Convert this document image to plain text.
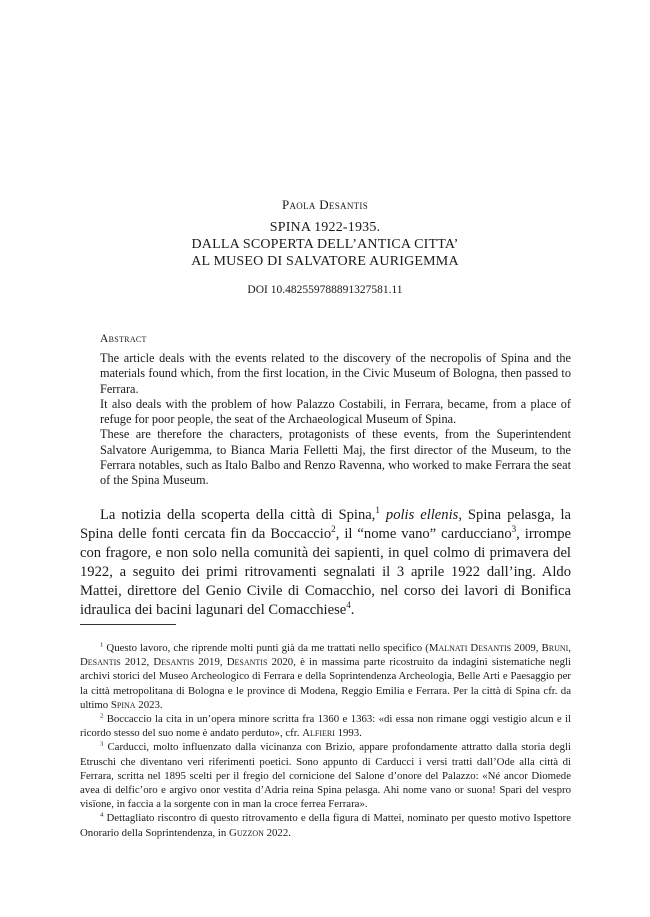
Paola Desantis
SPINA 1922-1935.
DALLA SCOPERTA DELL’ANTICA CITTA’
AL MUSEO DI SALVATORE AURIGEMMA
DOI 10.482559788891327581.11
Abstract

The article deals with the events related to the discovery of the necropolis of Spina and the materials found which, from the first location, in the Civic Museum of Bologna, then passed to Ferrara.

It also deals with the problem of how Palazzo Costabili, in Ferrara, became, from a place of refuge for poor people, the seat of the Archaeological Museum of Spina.

These are therefore the characters, protagonists of these events, from the Superintendent Salvatore Aurigemma, to Bianca Maria Felletti Maj, the first director of the Museum, to the Ferrara notables, such as Italo Balbo and Renzo Ravenna, who worked to make Ferrara the seat of the Spina Museum.

La notizia della scoperta della città di Spina,$^1$ polis ellenis, Spina pelasga, la Spina delle fonti cercata fin da Boccaccio$^2$, il “nome vano” carducciano$^3$, irrompe con fragore, e non solo nella comunità dei sapienti, in quel colmo di primavera del 1922, a seguito dei primi ritrovamenti segnalati il 3 aprile 1922 dall’ing. Aldo Mattei, direttore del Genio Civile di Comacchio, nel corso dei lavori di Bonifica idraulica dei bacini lagunari del Comacchiese$^4$.

$^1$ Questo lavoro, che riprende molti punti già da me trattati nello specifico (Malnati Desantis 2009, Bruni, Desantis 2012, Desantis 2019, Desantis 2020, è in massima parte ricostruito da indagini sistematiche negli archivi storici del Museo Archeologico di Ferrara e della Soprintendenza Archeologia, Belle Arti e Paesaggio per la città metropolitana di Bologna e le province di Modena, Reggio Emilia e Ferrara. Per la città di Spina cfr. da ultimo Spina 2023.

$^2$ Boccaccio la cita in un’opera minore scritta fra 1360 e 1363: «di essa non rimane oggi vestigio alcun e il ricordo stesso del suo nome è andato perduto», cfr. Alfieri 1993.

$^3$ Carducci, molto influenzato dalla vicinanza con Brizio, appare profondamente attratto dalla storia degli Etruschi che diventano veri riferimenti poetici. Sono appunto di Carducci i versi tratti dall’Ode alla città di Ferrara, scritta nel 1895 scelti per il fregio del cornicione del Salone d’onore del Palazzo: «Né ancor Diomede avea di delfic’oro e argivo onor vestita d’Adria reina Spina pelasga. Ahi nome vano or suona! Sparì del vespro visïone, in faccia a la sorgente con in man la croce ferrea Ferrara».

$^4$ Dettagliato riscontro di questo ritrovamento e della figura di Mattei, nominato per questo motivo Ispettore Onorario della Soprintendenza, in Guzzon 2022.
